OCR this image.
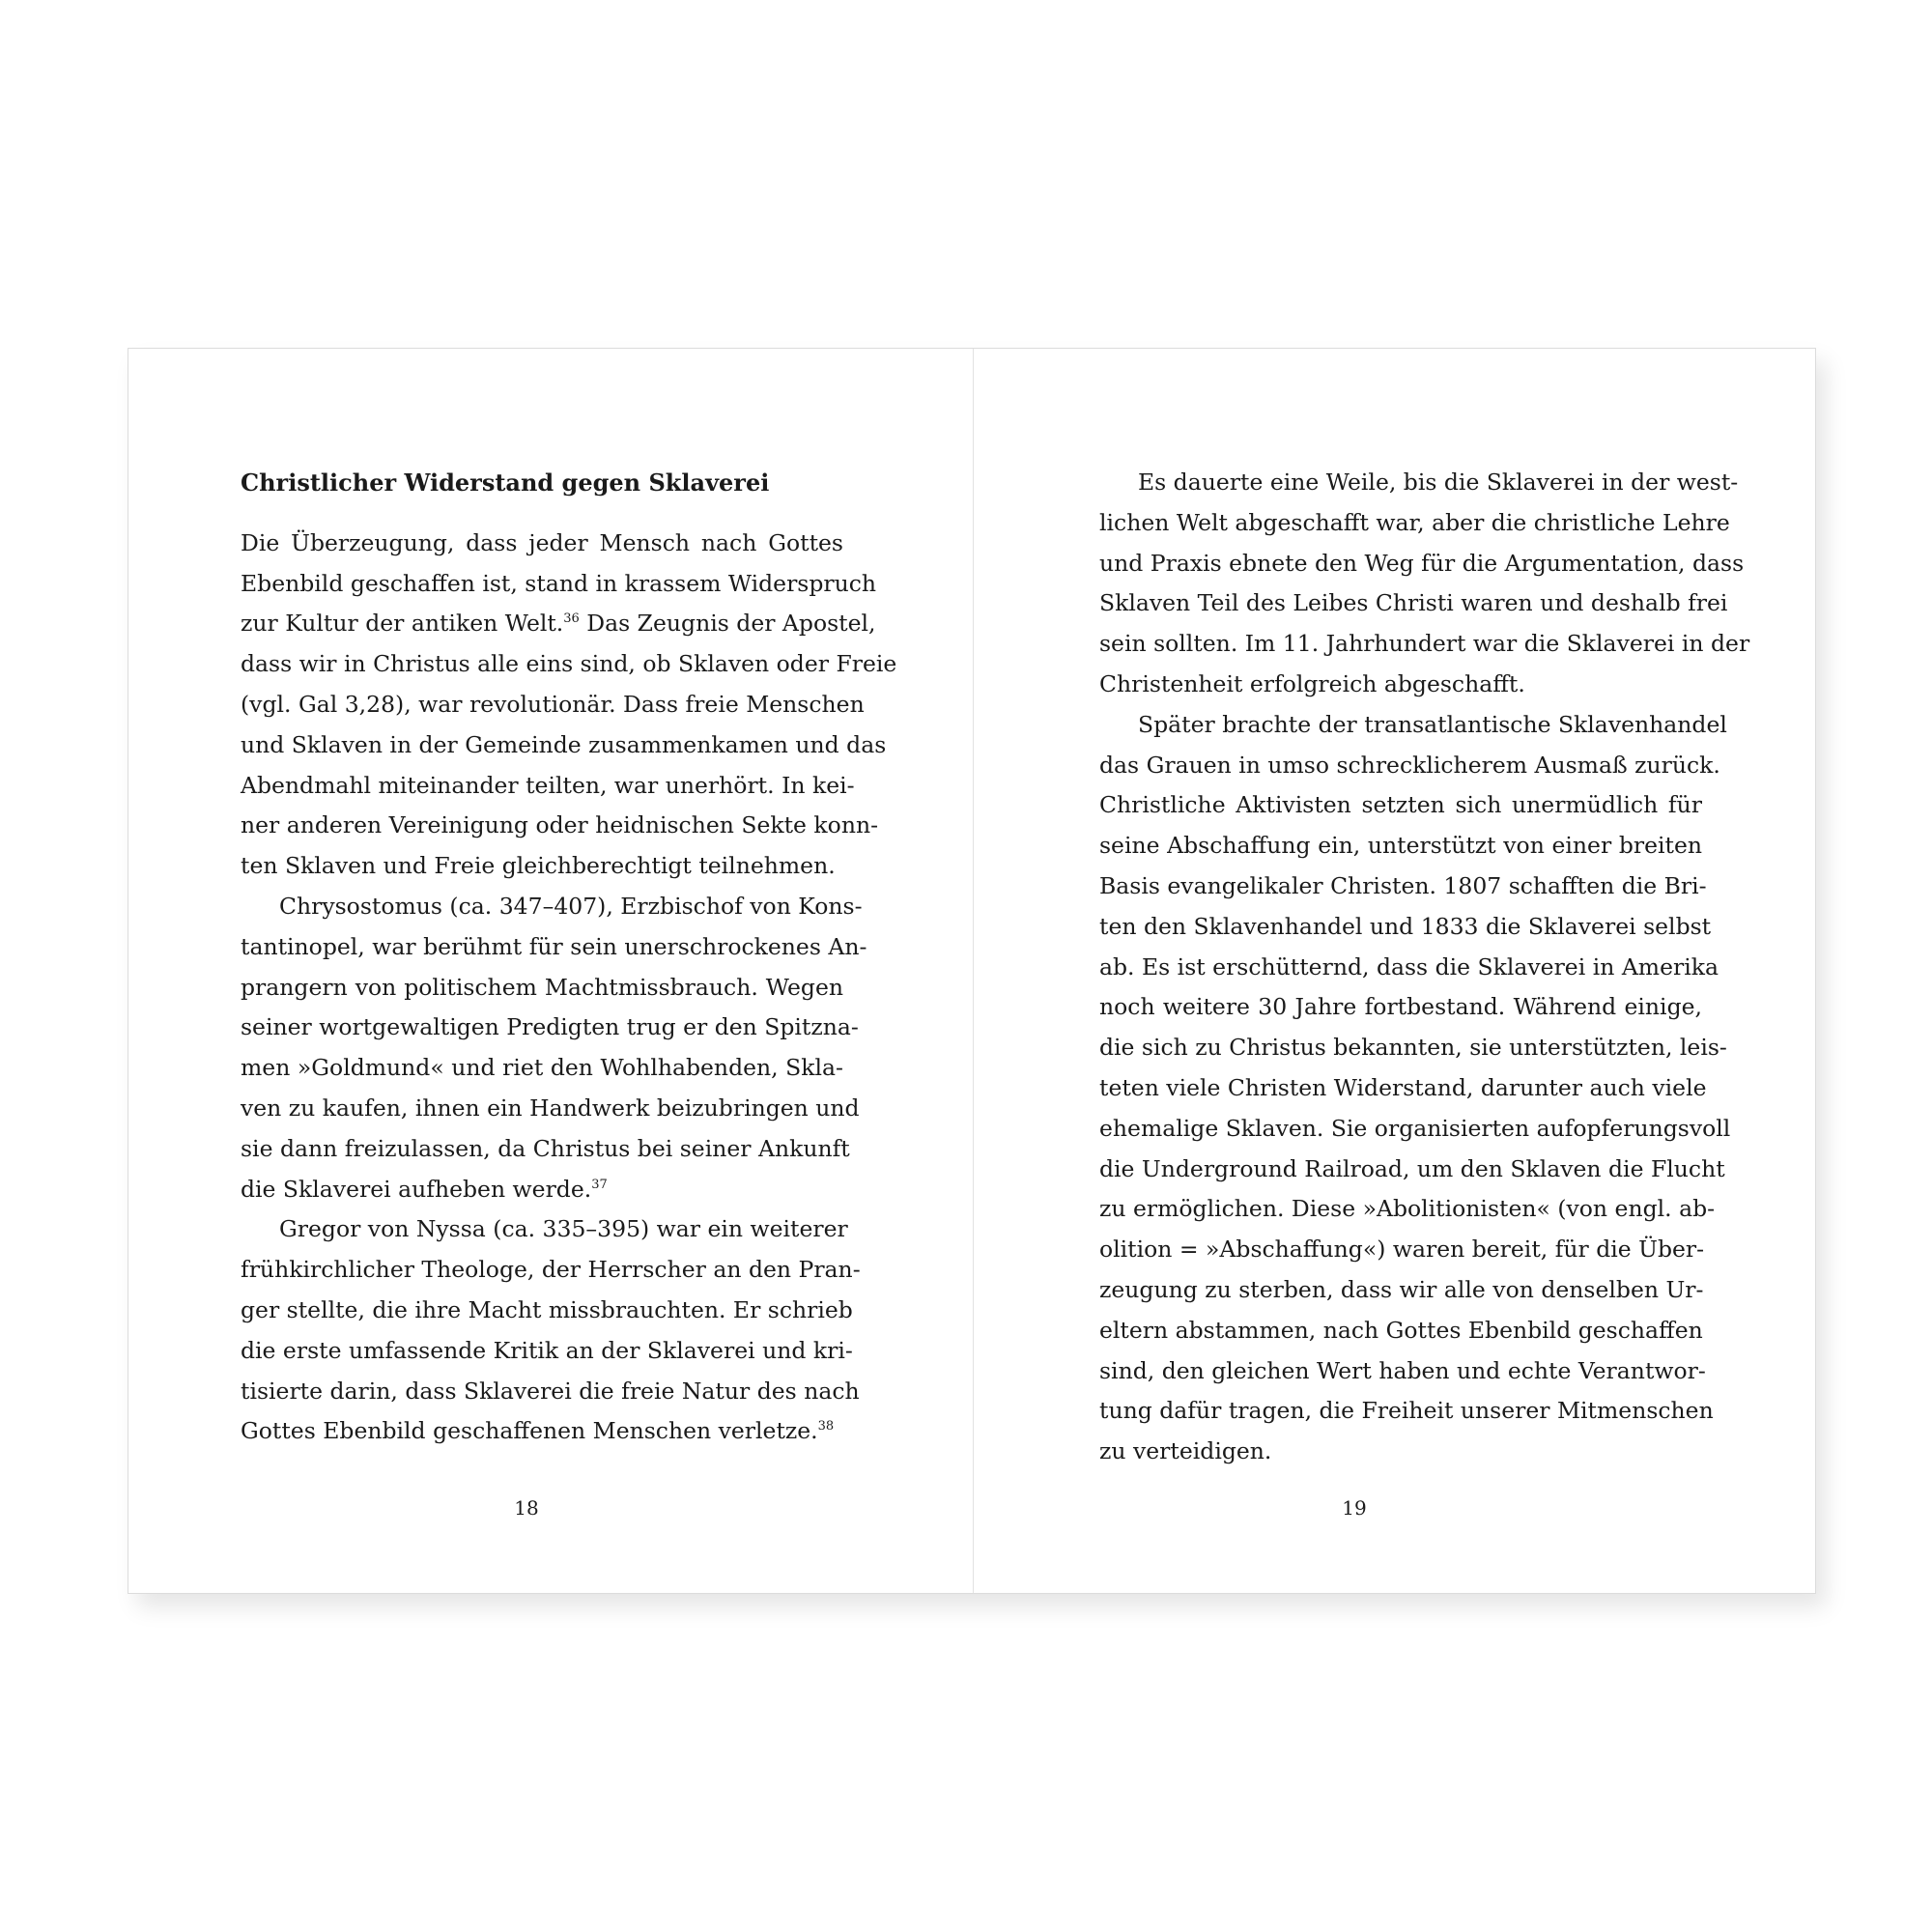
Christlicher Widerstand gegen Sklaverei
Die Überzeugung, dass jeder Mensch nach Gottes
Ebenbild geschaffen ist, stand in krassem Widerspruch
zur Kultur der antiken Welt.$^{36}$ Das Zeugnis der Apostel,
dass wir in Christus alle eins sind, ob Sklaven oder Freie
(vgl. Gal 3,28), war revolutionär. Dass freie Menschen
und Sklaven in der Gemeinde zusammenkamen und das
Abendmahl miteinander teilten, war unerhört. In kei-
ner anderen Vereinigung oder heidnischen Sekte konn-
ten Sklaven und Freie gleichberechtigt teilnehmen.
Chrysostomus (ca. 347–407), Erzbischof von Kons-
tantinopel, war berühmt für sein unerschrockenes An-
prangern von politischem Machtmissbrauch. Wegen
seiner wortgewaltigen Predigten trug er den Spitzna-
men »Goldmund« und riet den Wohlhabenden, Skla-
ven zu kaufen, ihnen ein Handwerk beizubringen und
sie dann freizulassen, da Christus bei seiner Ankunft
die Sklaverei aufheben werde.$^{37}$
Gregor von Nyssa (ca. 335–395) war ein weiterer
frühkirchlicher Theologe, der Herrscher an den Pran-
ger stellte, die ihre Macht missbrauchten. Er schrieb
die erste umfassende Kritik an der Sklaverei und kri-
tisierte darin, dass Sklaverei die freie Natur des nach
Gottes Ebenbild geschaffenen Menschen verletze.$^{38}$
18
Es dauerte eine Weile, bis die Sklaverei in der west-
lichen Welt abgeschafft war, aber die christliche Lehre
und Praxis ebnete den Weg für die Argumentation, dass
Sklaven Teil des Leibes Christi waren und deshalb frei
sein sollten. Im 11. Jahrhundert war die Sklaverei in der
Christenheit erfolgreich abgeschafft.
Später brachte der transatlantische Sklavenhandel
das Grauen in umso schrecklicherem Ausmaß zurück.
Christliche Aktivisten setzten sich unermüdlich für
seine Abschaffung ein, unterstützt von einer breiten
Basis evangelikaler Christen. 1807 schafften die Bri-
ten den Sklavenhandel und 1833 die Sklaverei selbst
ab. Es ist erschütternd, dass die Sklaverei in Amerika
noch weitere 30 Jahre fortbestand. Während einige,
die sich zu Christus bekannten, sie unterstützten, leis-
teten viele Christen Widerstand, darunter auch viele
ehemalige Sklaven. Sie organisierten aufopferungsvoll
die Underground Railroad, um den Sklaven die Flucht
zu ermöglichen. Diese »Abolitionisten« (von engl. ab-
olition = »Abschaffung«) waren bereit, für die Über-
zeugung zu sterben, dass wir alle von denselben Ur-
eltern abstammen, nach Gottes Ebenbild geschaffen
sind, den gleichen Wert haben und echte Verantwor-
tung dafür tragen, die Freiheit unserer Mitmenschen
zu verteidigen.
19
